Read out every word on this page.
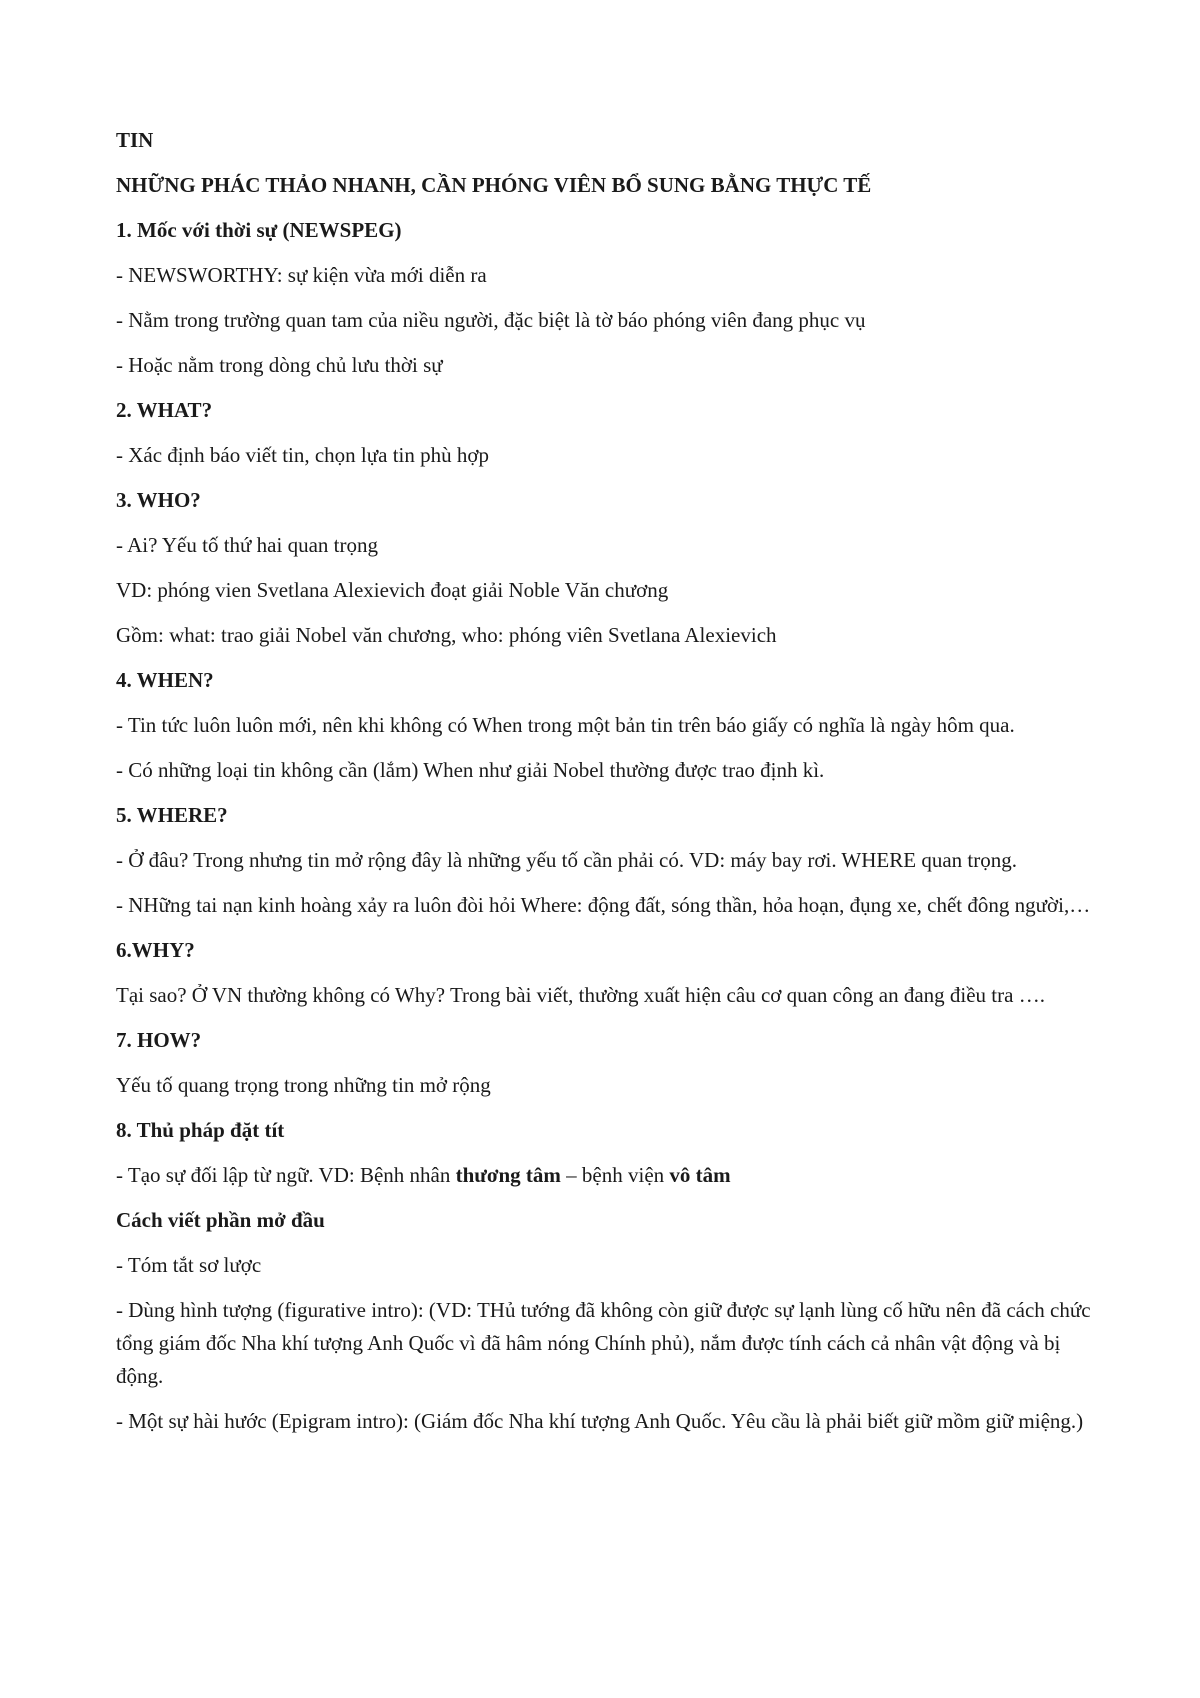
TIN

NHỮNG PHÁC THẢO NHANH, CẦN PHÓNG VIÊN BỔ SUNG BẰNG THỰC TẾ

1. Mốc với thời sự (NEWSPEG)

- NEWSWORTHY: sự kiện vừa mới diễn ra

- Nằm trong trường quan tam của niều người, đặc biệt là tờ báo phóng viên đang phục vụ

- Hoặc nằm trong dòng chủ lưu thời sự

2. WHAT?

- Xác định báo viết tin, chọn lựa tin phù hợp

3. WHO?

- Ai? Yếu tố thứ hai quan trọng

VD: phóng vien Svetlana Alexievich đoạt giải Noble Văn chương

Gồm: what: trao giải Nobel văn chương, who: phóng viên Svetlana Alexievich

4. WHEN?

- Tin tức luôn luôn mới, nên khi không có When trong một bản tin trên báo giấy có nghĩa là ngày hôm qua.

- Có những loại tin không cần (lắm) When như giải Nobel thường được trao định kì.

5. WHERE?

- Ở đâu? Trong nhưng tin mở rộng đây là những yếu tố cần phải có. VD: máy bay rơi. WHERE quan trọng.

- NHững tai nạn kinh hoàng xảy ra luôn đòi hỏi Where: động đất, sóng thần, hỏa hoạn, đụng xe, chết đông người,…

6.WHY?

Tại sao? Ở VN thường không có Why? Trong bài viết, thường xuất hiện câu cơ quan công an đang điều tra ….

7. HOW?

Yếu tố quang trọng trong những tin mở rộng

8. Thủ pháp đặt tít

- Tạo sự đối lập từ ngữ. VD: Bệnh nhân thương tâm – bệnh viện vô tâm

Cách viết phần mở đầu

- Tóm tắt sơ lược

- Dùng hình tượng (figurative intro): (VD: THủ tướng đã không còn giữ được sự lạnh lùng cố hữu nên đã cách chức tổng giám đốc Nha khí tượng Anh Quốc vì đã hâm nóng Chính phủ), nắm được tính cách cả nhân vật động và bị động.

- Một sự hài hước (Epigram intro): (Giám đốc Nha khí tượng Anh Quốc. Yêu cầu là phải biết giữ mồm giữ miệng.)
